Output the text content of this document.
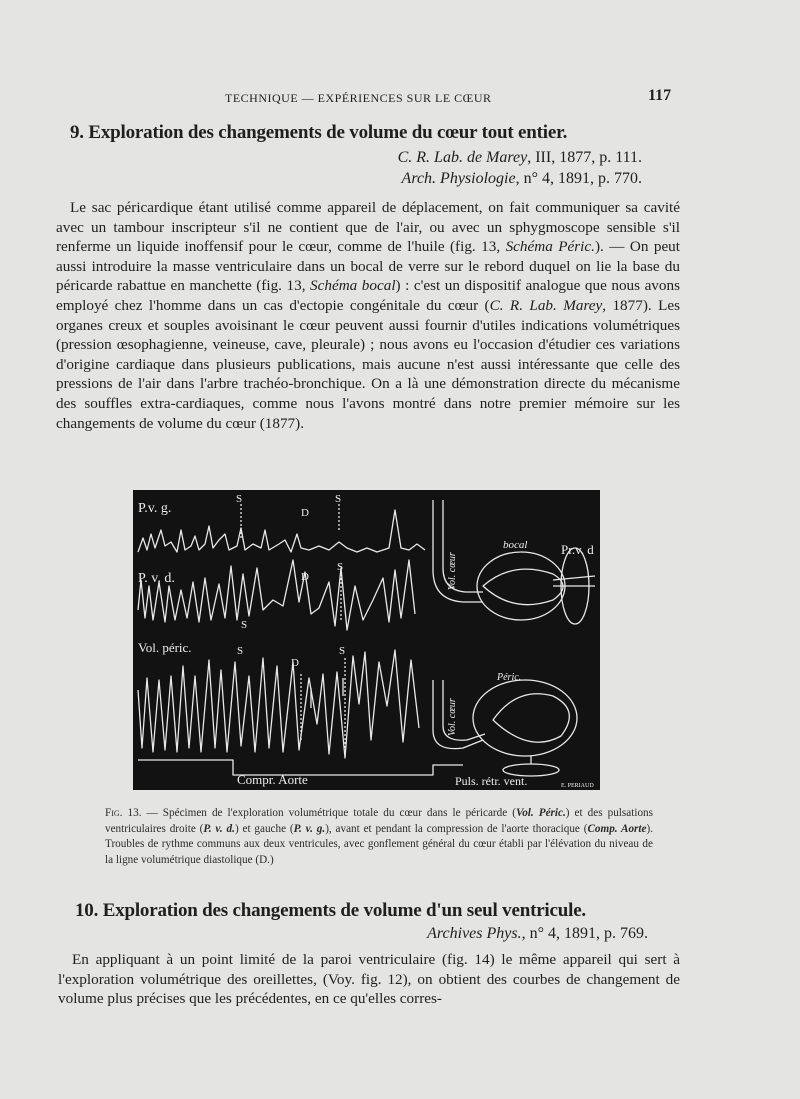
TECHNIQUE — EXPÉRIENCES SUR LE CŒUR	117
9. Exploration des changements de volume du cœur tout entier.
C. R. Lab. de Marey, III, 1877, p. 111.
Arch. Physiologie, n° 4, 1891, p. 770.

Le sac péricardique étant utilisé comme appareil de déplacement, on fait communiquer sa cavité avec un tambour inscripteur s'il ne contient que de l'air, ou avec un sphygmoscope sensible s'il renferme un liquide inoffensif pour le cœur, comme de l'huile (fig. 13, Schéma Péric.). — On peut aussi introduire la masse ventriculaire dans un bocal de verre sur le rebord duquel on lie la base du péricarde rabattue en manchette (fig. 13, Schéma bocal) : c'est un dispositif analogue que nous avons employé chez l'homme dans un cas d'ectopie congénitale du cœur (C. R. Lab. Marey, 1877). Les organes creux et souples avoisinant le cœur peuvent aussi fournir d'utiles indications volumétriques (pression œsophagienne, veineuse, cave, pleurale) ; nous avons eu l'occasion d'étudier ces variations d'origine cardiaque dans plusieurs publications, mais aucune n'est aussi intéressante que celle des pressions de l'air dans l'arbre trachéo-bronchique. On a là une démonstration directe du mécanisme des souffles extra-cardiaques, comme nous l'avons montré dans notre premier mémoire sur les changements de volume du cœur (1877).

P.v. g.
P. v. d.
Vol. péric.
S
D
S
D
S
S
S
D
S
bocal	Pr.v. d
Vol. cœur
Vol. cœur
Péric.
Compr. Aorte	Puls. rétr. vent.	E. PERIAUD

Fig. 13. — Spécimen de l'exploration volumétrique totale du cœur dans le péricarde (Vol. Péric.) et des pulsations ventriculaires droite (P. v. d.) et gauche (P. v. g.), avant et pendant la compression de l'aorte thoracique (Comp. Aorte). Troubles de rythme communs aux deux ventricules, avec gonflement général du cœur établi par l'élévation du niveau de la ligne volumétrique diastolique (D.)

10. Exploration des changements de volume d'un seul ventricule.
Archives Phys., n° 4, 1891, p. 769.

En appliquant à un point limité de la paroi ventriculaire (fig. 14) le même appareil qui sert à l'exploration volumétrique des oreillettes, (Voy. fig. 12), on obtient des courbes de changement de volume plus précises que les précédentes, en ce qu'elles corres-
